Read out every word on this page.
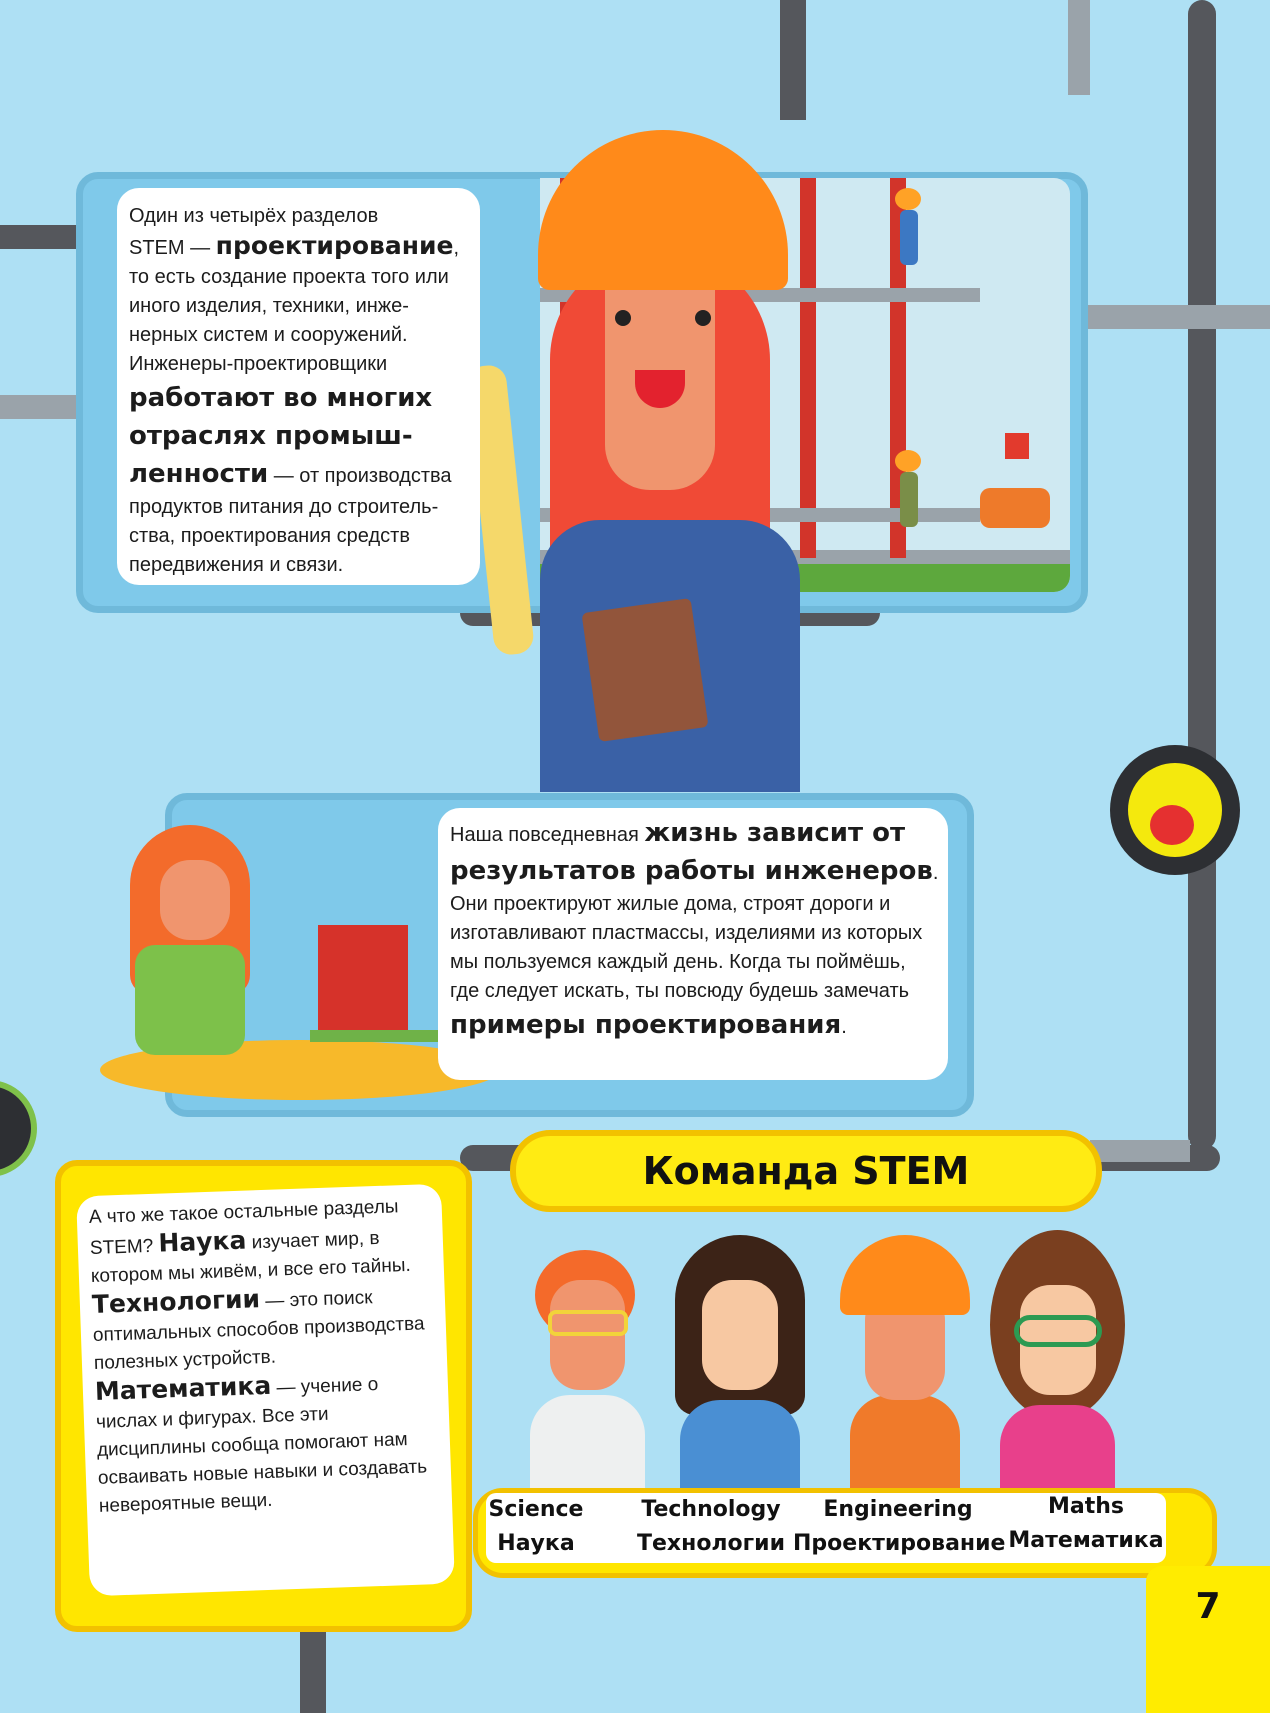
Один из четырёх разделов
STEM — проектирование,
то есть создание проекта того или иного изделия, техники, инже-нерных систем и сооружений. Инженеры-проектировщики работают во многих отраслях промыш-ленности — от производства продуктов питания до строитель-ства, проектирования средств передвижения и связи.
Наша повседневная жизнь зависит от результатов работы инженеров. Они проектируют жилые дома, строят дороги и изготавливают пластмассы, изделиями из которых мы пользуемся каждый день. Когда ты поймёшь, где следует искать, ты повсюду будешь замечать примеры проектирования.
Команда STEM
А что же такое остальные разделы STEM? Наука изучает мир, в котором мы живём, и все его тайны. Технологии — это поиск оптимальных способов производства полезных устройств. Математика — учение о числах и фигурах. Все эти дисциплины сообща помогают нам осваивать новые навыки и создавать невероятные вещи.	Science
Наука
Technology
Технологии
Engineering
Проектирование
Maths
Математика
7
